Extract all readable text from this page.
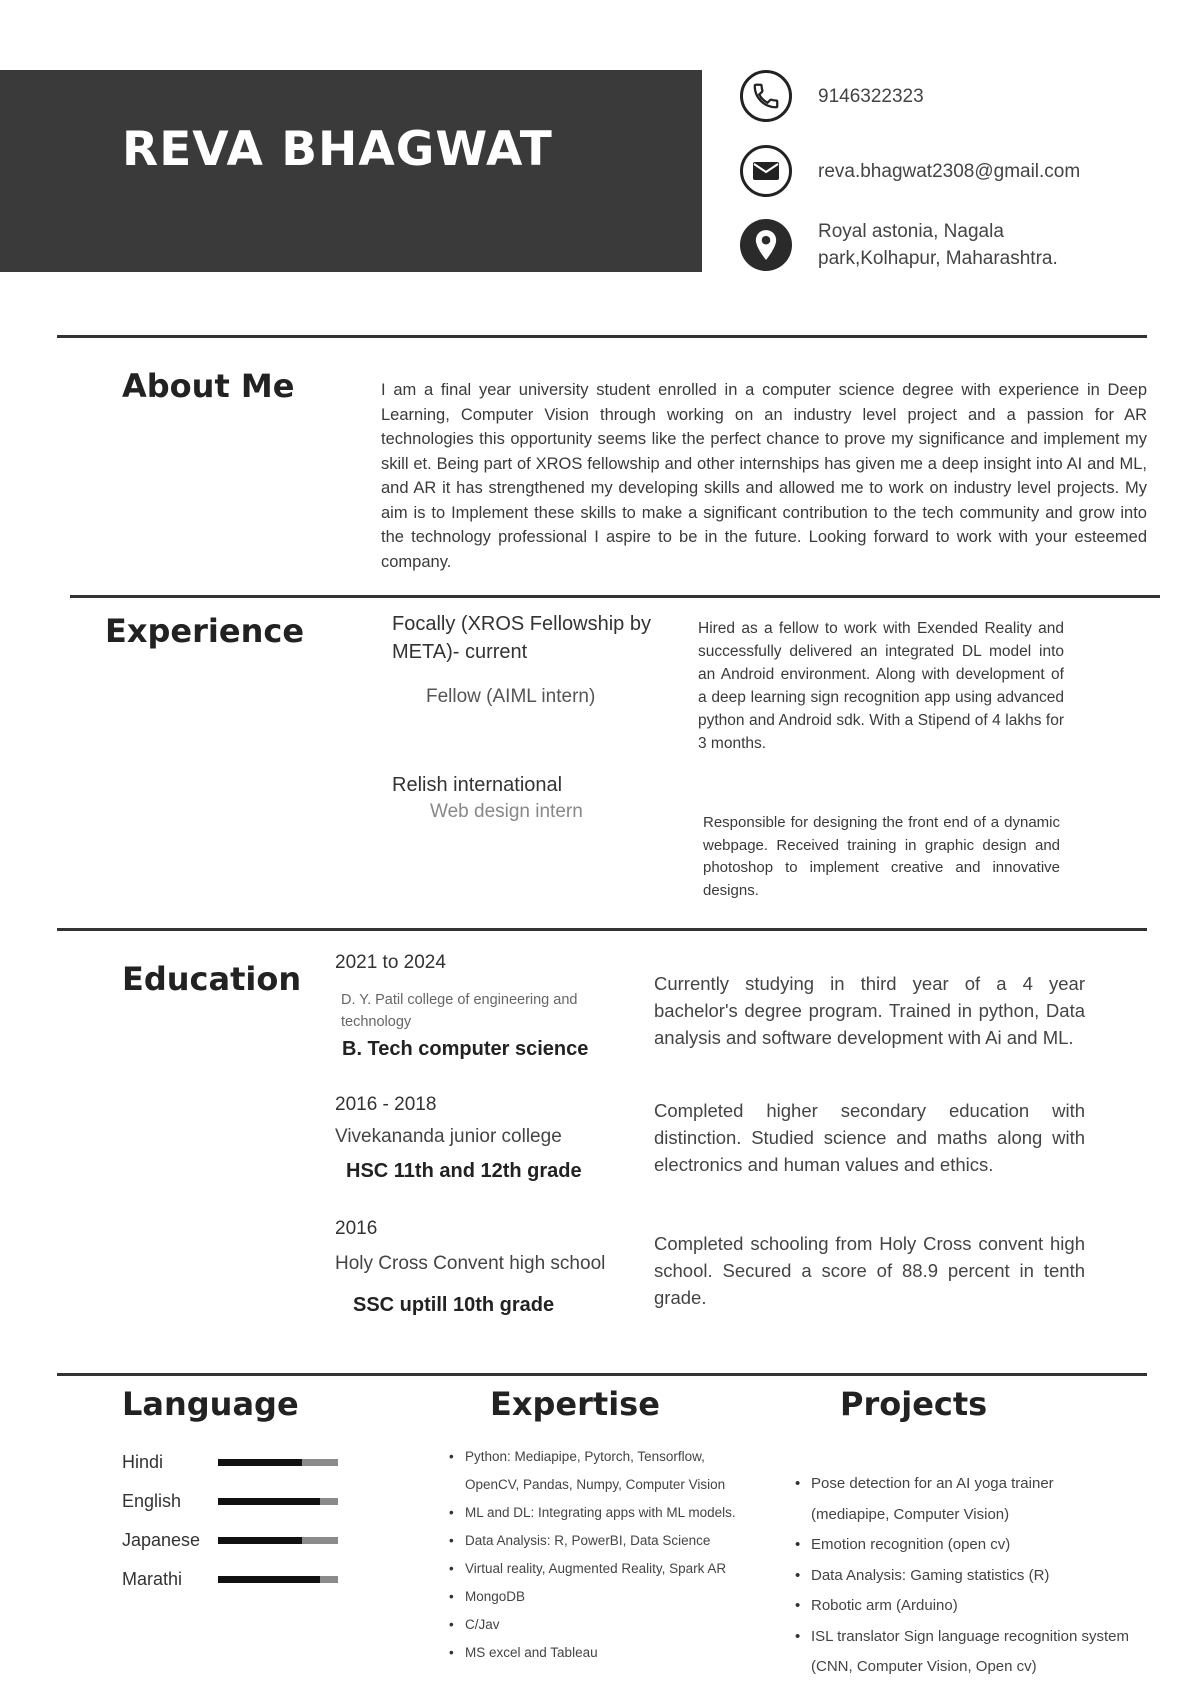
REVA BHAGWAT
9146322323
reva.bhagwat2308@gmail.com
Royal astonia, Nagala
park,Kolhapur, Maharashtra.
About Me	I am a final year university student enrolled in a computer science degree with experience in Deep Learning, Computer Vision through working on an industry level project and a passion for AR technologies this opportunity seems like the perfect chance to prove my significance and implement my skill et. Being part of XROS fellowship and other internships has given me a deep insight into AI and ML, and AR it has strengthened my developing skills and allowed me to work on industry level projects. My aim is to Implement these skills to make a significant contribution to the tech community and grow into the technology professional I aspire to be in the future. Looking forward to work with your esteemed company.

Experience	Focally (XROS Fellowship by META)- current
Fellow (AIML intern)

Hired as a fellow to work with Exended Reality and successfully delivered an integrated DL model into an Android environment. Along with development of a deep learning sign recognition app using advanced python and Android sdk. With a Stipend of 4 lakhs for 3 months.

Relish international
Web design intern

Responsible for designing the front end of a dynamic webpage. Received training in graphic design and photoshop to implement creative and innovative designs.

Education 2021 to 2024
D. Y. Patil college of engineering and technology
B. Tech computer science

Currently studying in third year of a 4 year bachelor's degree program. Trained in python, Data analysis and software development with Ai and ML.

2016 - 2018
Vivekananda junior college
HSC 11th and 12th grade

Completed higher secondary education with distinction. Studied science and maths along with electronics and human values and ethics.

2016
Holy Cross Convent high school
SSC uptill 10th grade

Completed schooling from Holy Cross convent high school. Secured a score of 88.9 percent in tenth grade.

Language
Hindi
English
Japanese
Marathi
Expertise
• Python: Mediapipe, Pytorch, Tensorflow,
OpenCV, Pandas, Numpy, Computer Vision
• ML and DL: Integrating apps with ML models.
• Data Analysis: R, PowerBI, Data Science
• Virtual reality, Augmented Reality, Spark AR
• MongoDB
• C/Jav
• MS excel and Tableau
Projects
• Pose detection for an AI yoga trainer
(mediapipe, Computer Vision)
• Emotion recognition (open cv)
• Data Analysis: Gaming statistics (R)
• Robotic arm (Arduino)
• ISL translator Sign language recognition system
(CNN, Computer Vision, Open cv)
